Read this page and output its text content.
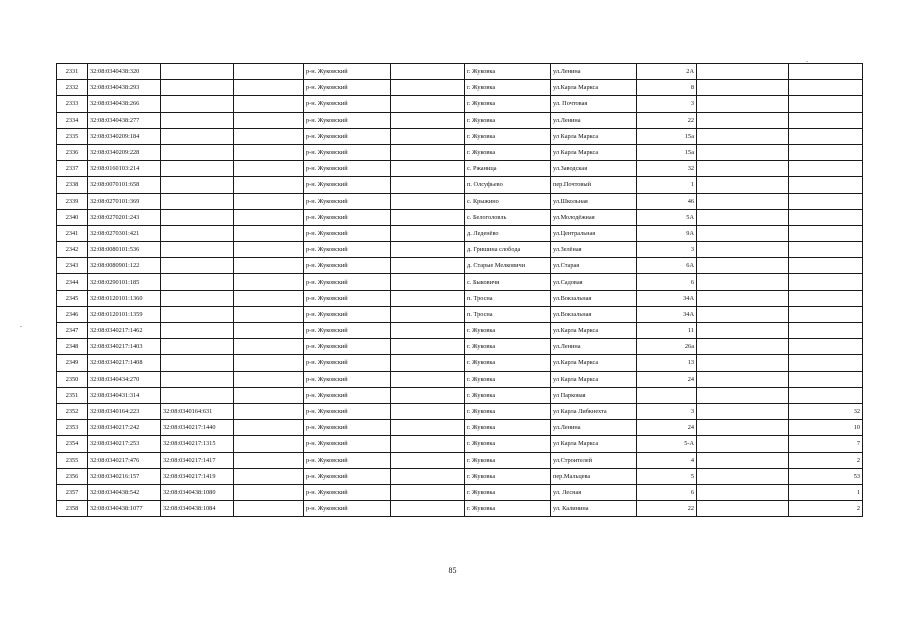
-
-
2331	32:08:0340438:320			р-н. Жуковский		г. Жуковка	ул.Ленина	2А		
2332	32:08:0340438:293			р-н. Жуковский		г. Жуковка	ул.Карла Маркса	8		
2333	32:08:0340438:266			р-н. Жуковский		г. Жуковка	ул. Почтовая	3		
2334	32:08:0340438:277			р-н. Жуковский		г. Жуковка	ул.Ленина	22		
2335	32:08:0340209:184			р-н. Жуковский		г. Жуковка	ул Карла Маркса	15а		
2336	32:08:0340209:228			р-н. Жуковский		г. Жуковка	ул Карла Маркса	15а		
2337	32:08:0160103:214			р-н. Жуковский		с. Ржаница	ул.Заводская	32		
2338	32:08:0070101:658			р-н. Жуковский		п. Олсуфьево	пер.Почтовый	1		
2339	32:08:0270101:369			р-н. Жуковский		с. Крыжино	ул.Школьная	46		
2340	32:08:0270201:243			р-н. Жуковский		с. Белоголовль	ул.Молодёжная	5А		
2341	32:08:0270301:421			р-н. Жуковский		д. Леденёво	ул.Центральная	9А		
2342	32:08:0080101:536			р-н. Жуковский		д. Гришина слобода	ул.Зелёная	3		
2343	32:08:0080901:122			р-н. Жуковский		д. Старые Мелковичи	ул.Старая	6А		
2344	32:08:0290101:185			р-н. Жуковский		с. Быковичи	ул.Садовая	6		
2345	32:08:0120101:1360			р-н. Жуковский		п. Тросна	ул.Вокзальная	34А		
2346	32:08:0120101:1359			р-н. Жуковский		п. Тросна	ул.Вокзальная	34А		
2347	32:08:0340217:1462			р-н. Жуковский		г. Жуковка	ул.Карла Маркса	11		
2348	32:08:0340217:1403			р-н. Жуковский		г. Жуковка	ул.Ленина	26а		
2349	32:08:0340217:1408			р-н. Жуковский		г. Жуковка	ул.Карла Маркса	13		
2350	32:08:0340434:270			р-н. Жуковский		г. Жуковка	ул Карла Маркса	24		
2351	32:08:0340431:314			р-н. Жуковский		г. Жуковка	ул Парковая			
2352	32:08:0340164:223	32:08:0340164:631		р-н. Жуковский		г. Жуковка	ул Карла Либкнехта	3		32
2353	32:08:0340217:242	32:08:0340217:1440		р-н. Жуковский		г. Жуковка	ул.Ленина	24		10
2354	32:08:0340217:253	32:08:0340217:1315		р-н. Жуковский		г. Жуковка	ул Карла Маркса	5-А		7
2355	32:08:0340217:476	32:08:0340217:1417		р-н. Жуковский		г. Жуковка	ул.Строителей	4		2
2356	32:08:0340216:157	32:08:0340217:1419		р-н. Жуковский		г. Жуковка	пер.Мальцева	5		53
2357	32:08:0340438:542	32:08:0340438:1080		р-н. Жуковский		г. Жуковка	ул. Лесная	6		1
2358	32:08:0340438:1077	32:08:0340438:1084		р-н. Жуковский		г. Жуковка	ул. Калинина	22		2
85
